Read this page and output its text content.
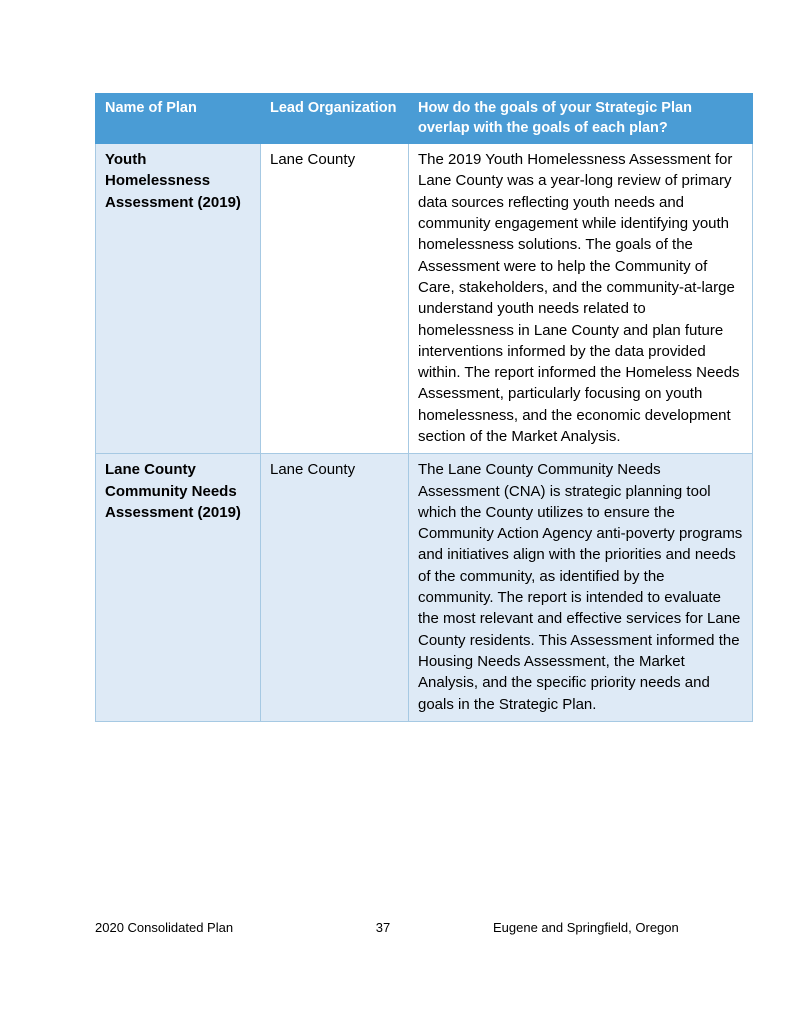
Name of Plan	Lead Organization	How do the goals of your Strategic Plan overlap with the goals of each plan?
Youth Homelessness Assessment (2019)	Lane County	The 2019 Youth Homelessness Assessment for Lane County was a year-long review of primary data sources reflecting youth needs and community engagement while identifying youth homelessness solutions. The goals of the Assessment were to help the Community of Care, stakeholders, and the community-at-large understand youth needs related to homelessness in Lane County and plan future interventions informed by the data provided within. The report informed the Homeless Needs Assessment, particularly focusing on youth homelessness, and the economic development section of the Market Analysis.
Lane County Community Needs Assessment (2019)	Lane County	The Lane County Community Needs Assessment (CNA) is strategic planning tool which the County utilizes to ensure the Community Action Agency anti-poverty programs and initiatives align with the priorities and needs of the community, as identified by the community. The report is intended to evaluate the most relevant and effective services for Lane County residents. This Assessment informed the Housing Needs Assessment, the Market Analysis, and the specific priority needs and goals in the Strategic Plan.
2020 Consolidated Plan	37	Eugene and Springfield, Oregon
